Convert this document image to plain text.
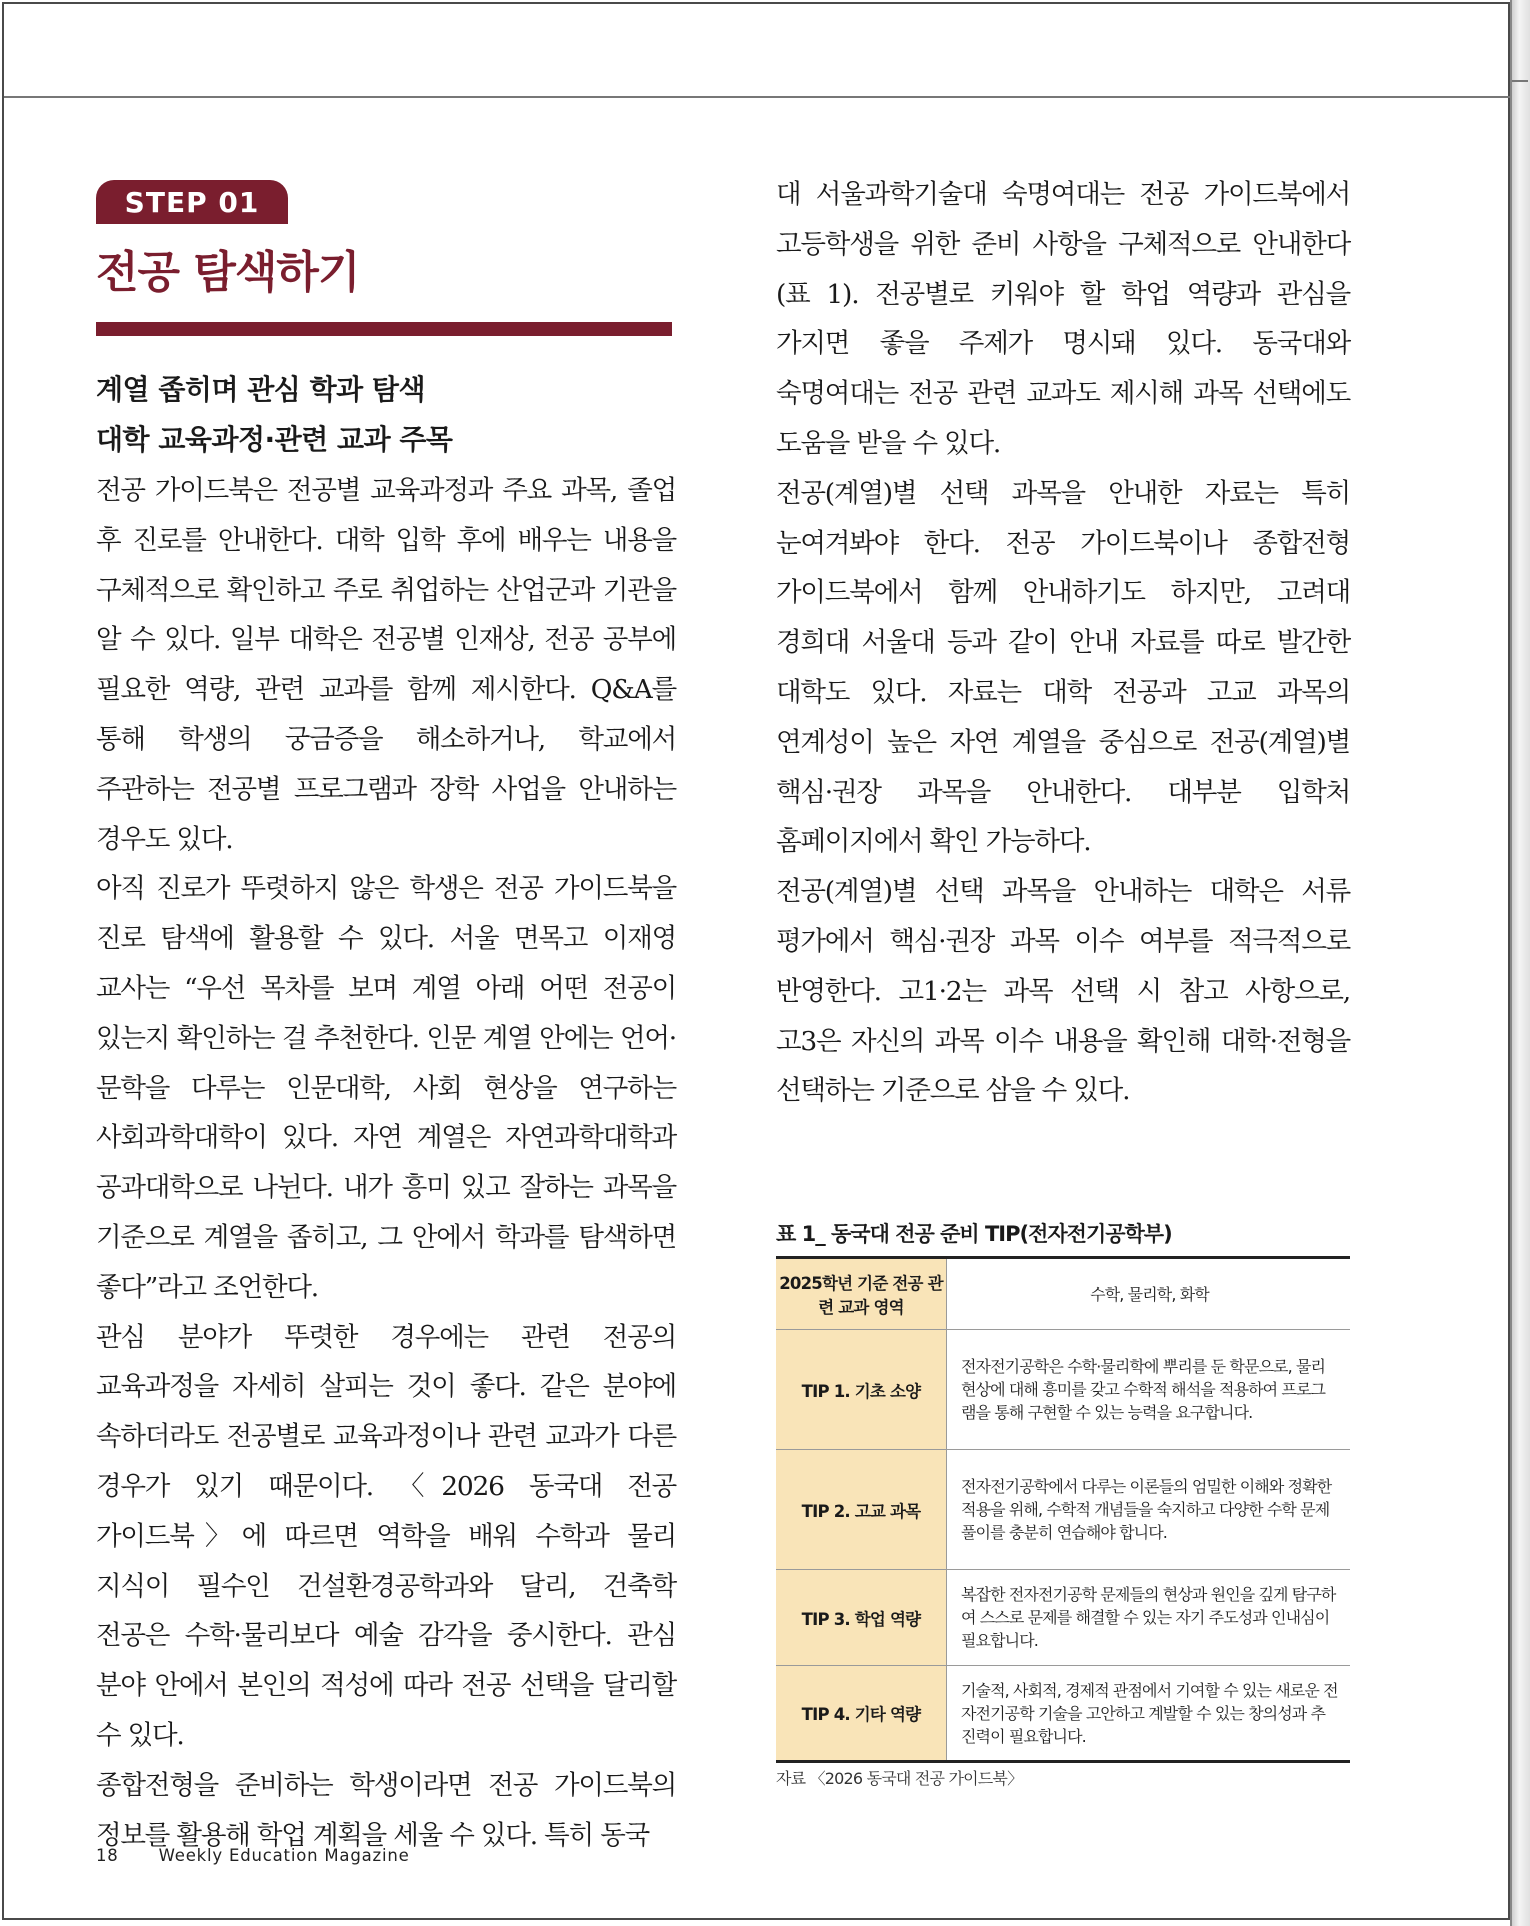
STEP 01
전공 탐색하기
계열 좁히며 관심 학과 탐색
대학 교육과정·관련 교과 주목

전공 가이드북은 전공별 교육과정과 주요 과목, 졸업 후 진로를 안내한다. 대학 입학 후에 배우는 내용을 구체적으로 확인하고 주로 취업하는 산업군과 기관을 알 수 있다. 일부 대학은 전공별 인재상, 전공 공부에 필요한 역량, 관련 교과를 함께 제시한다. Q&A를 통해 학생의 궁금증을 해소하거나, 학교에서 주관하는 전공별 프로그램과 장학 사업을 안내하는 경우도 있다.

아직 진로가 뚜렷하지 않은 학생은 전공 가이드북을 진로 탐색에 활용할 수 있다. 서울 면목고 이재영 교사는 “우선 목차를 보며 계열 아래 어떤 전공이 있는지 확인하는 걸 추천한다. 인문 계열 안에는 언어·문학을 다루는 인문대학, 사회 현상을 연구하는 사회과학대학이 있다. 자연 계열은 자연과학대학과 공과대학으로 나뉜다. 내가 흥미 있고 잘하는 과목을 기준으로 계열을 좁히고, 그 안에서 학과를 탐색하면 좋다”라고 조언한다.

관심 분야가 뚜렷한 경우에는 관련 전공의 교육과정을 자세히 살피는 것이 좋다. 같은 분야에 속하더라도 전공별로 교육과정이나 관련 교과가 다른 경우가 있기 때문이다. 〈2026 동국대 전공 가이드북〉에 따르면 역학을 배워 수학과 물리 지식이 필수인 건설환경공학과와 달리, 건축학 전공은 수학·물리보다 예술 감각을 중시한다. 관심 분야 안에서 본인의 적성에 따라 전공 선택을 달리할 수 있다.

종합전형을 준비하는 학생이라면 전공 가이드북의 정보를 활용해 학업 계획을 세울 수 있다. 특히 동국

대 서울과학기술대 숙명여대는 전공 가이드북에서 고등학생을 위한 준비 사항을 구체적으로 안내한다(표 1). 전공별로 키워야 할 학업 역량과 관심을 가지면 좋을 주제가 명시돼 있다. 동국대와 숙명여대는 전공 관련 교과도 제시해 과목 선택에도 도움을 받을 수 있다.

전공(계열)별 선택 과목을 안내한 자료는 특히 눈여겨봐야 한다. 전공 가이드북이나 종합전형 가이드북에서 함께 안내하기도 하지만, 고려대 경희대 서울대 등과 같이 안내 자료를 따로 발간한 대학도 있다. 자료는 대학 전공과 고교 과목의 연계성이 높은 자연 계열을 중심으로 전공(계열)별 핵심·권장 과목을 안내한다. 대부분 입학처 홈페이지에서 확인 가능하다.

전공(계열)별 선택 과목을 안내하는 대학은 서류 평가에서 핵심·권장 과목 이수 여부를 적극적으로 반영한다. 고1·2는 과목 선택 시 참고 사항으로, 고3은 자신의 과목 이수 내용을 확인해 대학·전형을 선택하는 기준으로 삼을 수 있다.

표 1_ 동국대 전공 준비 TIP(전자전기공학부)

2025학년 기준 전공 관련 교과 영역	수학, 물리학, 화학
TIP 1. 기초 소양	전자전기공학은 수학·물리학에 뿌리를 둔 학문으로, 물리 현상에 대해 흥미를 갖고 수학적 해석을 적용하여 프로그램을 통해 구현할 수 있는 능력을 요구합니다.
TIP 2. 고교 과목	전자전기공학에서 다루는 이론들의 엄밀한 이해와 정확한 적용을 위해, 수학적 개념들을 숙지하고 다양한 수학 문제 풀이를 충분히 연습해야 합니다.
TIP 3. 학업 역량	복잡한 전자전기공학 문제들의 현상과 원인을 깊게 탐구하여 스스로 문제를 해결할 수 있는 자기 주도성과 인내심이 필요합니다.
TIP 4. 기타 역량	기술적, 사회적, 경제적 관점에서 기여할 수 있는 새로운 전자전기공학 기술을 고안하고 계발할 수 있는 창의성과 추진력이 필요합니다.

자료 〈2026 동국대 전공 가이드북〉

18 Weekly Education Magazine
